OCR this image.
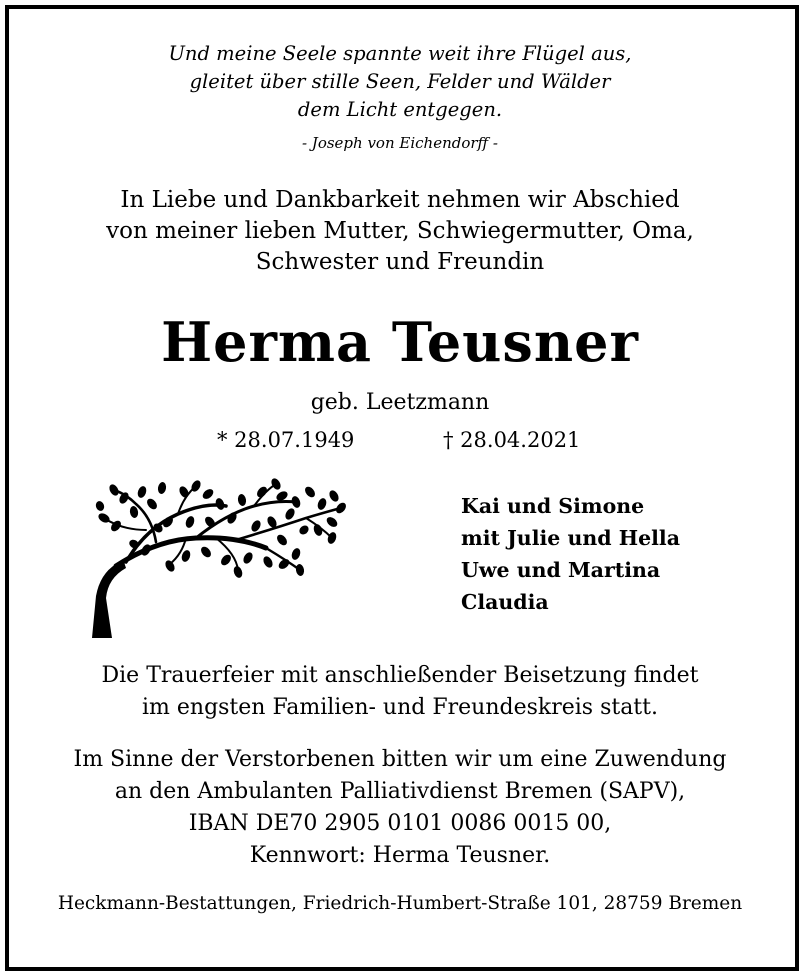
Und meine Seele spannte weit ihre Flügel aus,
gleitet über stille Seen, Felder und Wälder
dem Licht entgegen.
- Joseph von Eichendorff -
In Liebe und Dankbarkeit nehmen wir Abschied
von meiner lieben Mutter, Schwiegermutter, Oma,
Schwester und Freundin
Herma Teusner
geb. Leetzmann
* 28.07.1949	† 28.04.2021
Kai und Simone
mit Julie und Hella
Uwe und Martina
Claudia
Die Trauerfeier mit anschließender Beisetzung findet
im engsten Familien- und Freundeskreis statt.
Im Sinne der Verstorbenen bitten wir um eine Zuwendung
an den Ambulanten Palliativdienst Bremen (SAPV),
IBAN DE70 2905 0101 0086 0015 00,
Kennwort: Herma Teusner.
Heckmann-Bestattungen, Friedrich-Humbert-Straße 101, 28759 Bremen
